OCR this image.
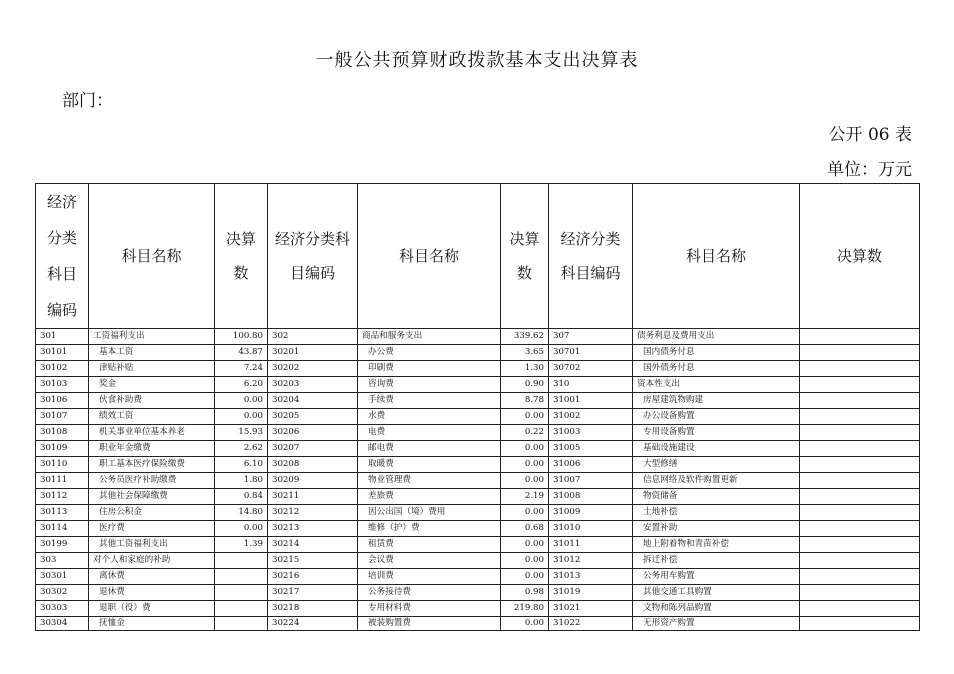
一般公共预算财政拨款基本支出决算表
部门：
公开 06 表
单位：万元
经济分类科目编码	科目名称	决算数	经济分类科目编码	科目名称	决算数	经济分类科目编码	科目名称	决算数
301	工资福利支出	100.80	302	商品和服务支出	339.62	307	债务利息及费用支出	
30101	基本工资	43.87	30201	办公费	3.65	30701	国内债务付息	
30102	津贴补贴	7.24	30202	印刷费	1.30	30702	国外债务付息	
30103	奖金	6.20	30203	咨询费	0.90	310	资本性支出	
30106	伙食补助费	0.00	30204	手续费	8.78	31001	房屋建筑物购建	
30107	绩效工资	0.00	30205	水费	0.00	31002	办公设备购置	
30108	机关事业单位基本养老	15.93	30206	电费	0.22	31003	专用设备购置	
30109	职业年金缴费	2.62	30207	邮电费	0.00	31005	基础设施建设	
30110	职工基本医疗保险缴费	6.10	30208	取暖费	0.00	31006	大型修缮	
30111	公务员医疗补助缴费	1.80	30209	物业管理费	0.00	31007	信息网络及软件购置更新	
30112	其他社会保障缴费	0.84	30211	差旅费	2.19	31008	物资储备	
30113	住房公积金	14.80	30212	因公出国（境）费用	0.00	31009	土地补偿	
30114	医疗费	0.00	30213	维修（护）费	0.68	31010	安置补助	
30199	其他工资福利支出	1.39	30214	租赁费	0.00	31011	地上附着物和青苗补偿	
303	对个人和家庭的补助		30215	会议费	0.00	31012	拆迁补偿	
30301	离休费		30216	培训费	0.00	31013	公务用车购置	
30302	退休费		30217	公务接待费	0.98	31019	其他交通工具购置	
30303	退职（役）费		30218	专用材料费	219.80	31021	文物和陈列品购置	
30304	抚恤金		30224	被装购置费	0.00	31022	无形资产购置	
